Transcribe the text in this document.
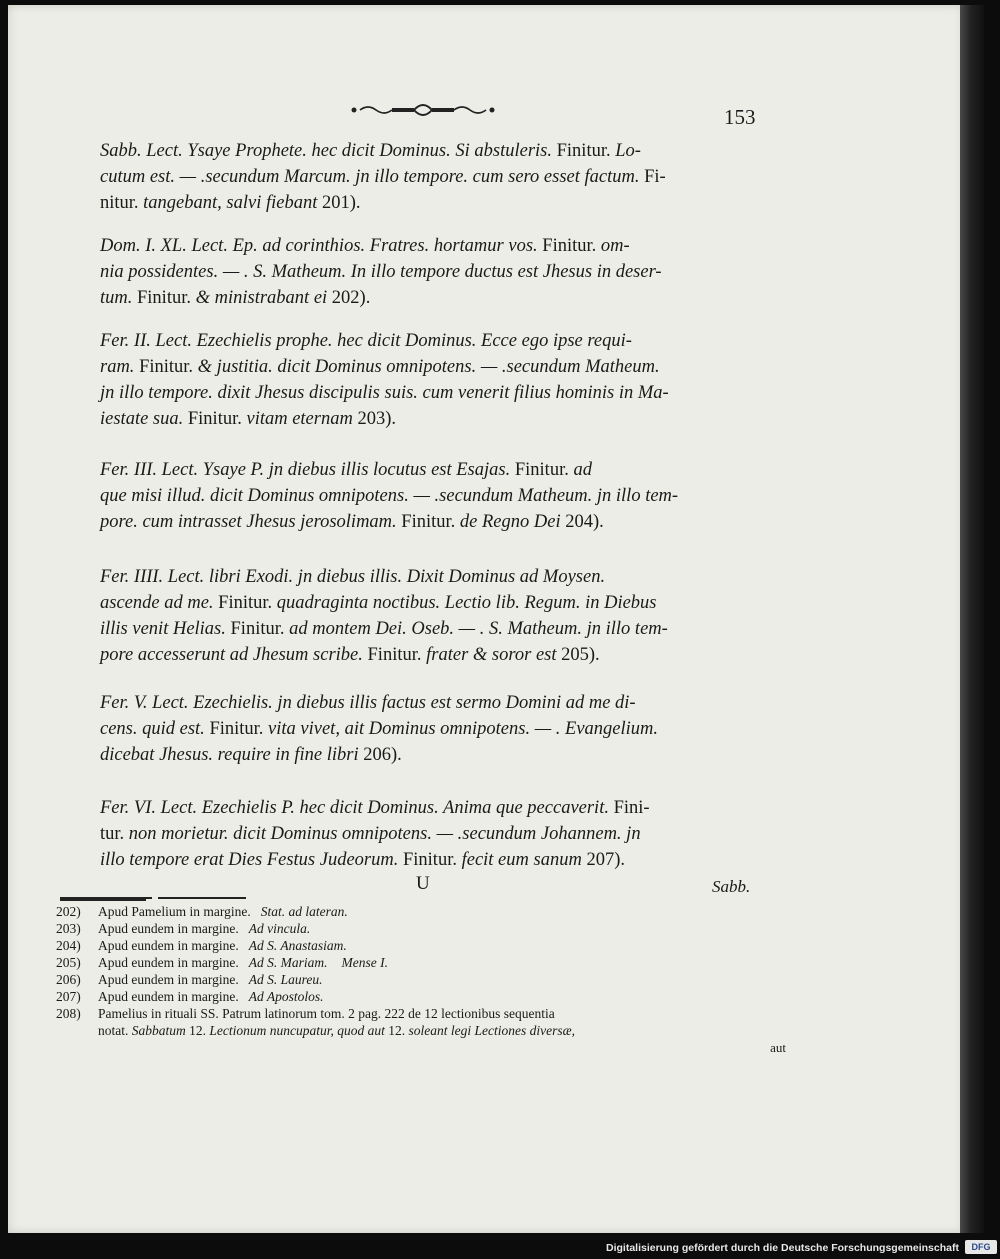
153
Sabb. Lect. Ysaye Prophete. hec dicit Dominus. Si abstuleris. Finitur. Lo-
cutum est. — .secundum Marcum. jn illo tempore. cum sero esset factum. Fi-
nitur. tangebant, salvi fiebant 201).
Dom. I. XL. Lect. Ep. ad corinthios. Fratres. hortamur vos. Finitur. om-
nia possidentes. — . S. Matheum. In illo tempore ductus est Jhesus in deser-
tum. Finitur. & ministrabant ei 202).
Fer. II. Lect. Ezechielis prophe. hec dicit Dominus. Ecce ego ipse requi-
ram. Finitur. & justitia. dicit Dominus omnipotens. — .secundum Matheum.
jn illo tempore. dixit Jhesus discipulis suis. cum venerit filius hominis in Ma-
iestate sua. Finitur. vitam eternam 203).
Fer. III. Lect. Ysaye P. jn diebus illis locutus est Esajas. Finitur. ad
que misi illud. dicit Dominus omnipotens. — .secundum Matheum. jn illo tem-
pore. cum intrasset Jhesus jerosolimam. Finitur. de Regno Dei 204).
Fer. IIII. Lect. libri Exodi. jn diebus illis. Dixit Dominus ad Moysen.
ascende ad me. Finitur. quadraginta noctibus. Lectio lib. Regum. in Diebus
illis venit Helias. Finitur. ad montem Dei. Oseb. — . S. Matheum. jn illo tem-
pore accesserunt ad Jhesum scribe. Finitur. frater & soror est 205).
Fer. V. Lect. Ezechielis. jn diebus illis factus est sermo Domini ad me di-
cens. quid est. Finitur. vita vivet, ait Dominus omnipotens. — . Evangelium.
dicebat Jhesus. require in fine libri 206).
Fer. VI. Lect. Ezechielis P. hec dicit Dominus. Anima que peccaverit. Fini-
tur. non morietur. dicit Dominus omnipotens. — .secundum Johannem. jn
illo tempore erat Dies Festus Judeorum. Finitur. fecit eum sanum 207).
U	Sabb.
202)	Apud Pamelium in margine. Stat. ad lateran.
203)	Apud eundem in margine. Ad vincula.
204)	Apud eundem in margine. Ad S. Anastasiam.
205)	Apud eundem in margine. Ad S. Mariam. Mense I.
206)	Apud eundem in margine. Ad S. Laureu.
207)	Apud eundem in margine. Ad Apostolos.
208)	Pamelius in rituali SS. Patrum latinorum tom. 2 pag. 222 de 12 lectionibus sequentia
notat. Sabbatum 12. Lectionum nuncupatur, quod aut 12. soleant legi Lectiones diversæ,
aut
Digitalisierung gefördert durch die Deutsche Forschungsgemeinschaft	DFG
